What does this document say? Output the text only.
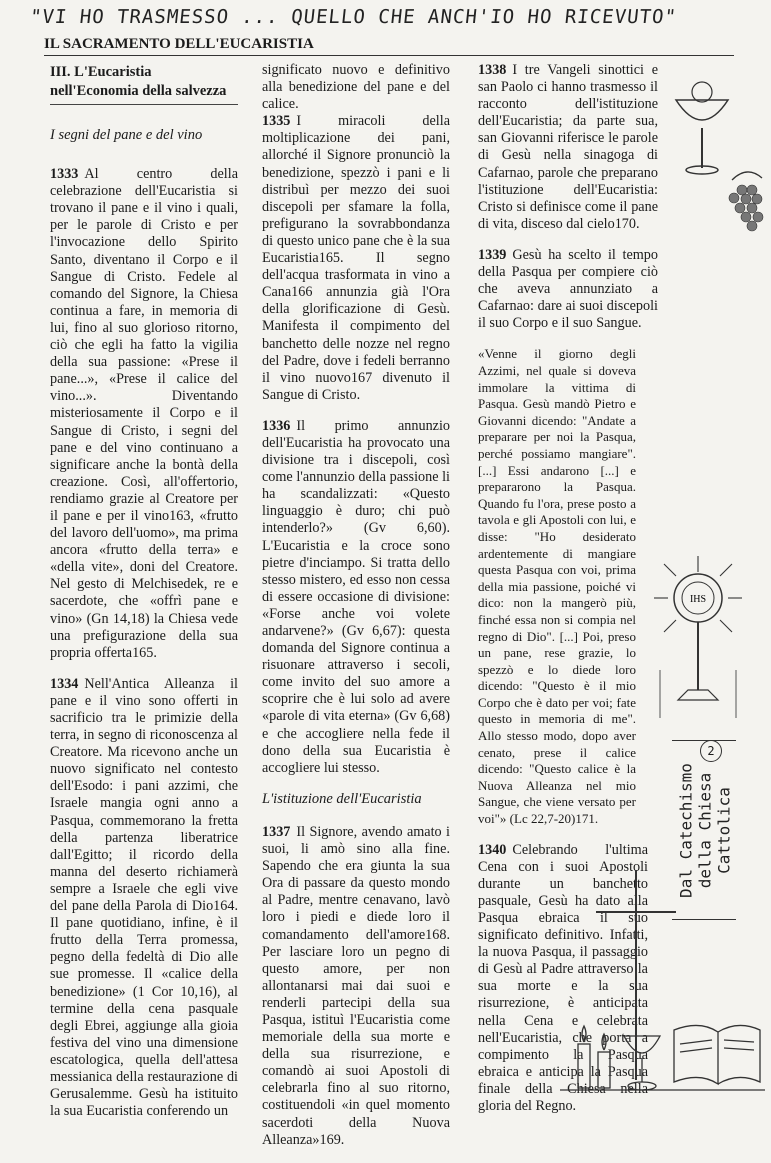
"VI HO TRASMESSO ... QUELLO CHE ANCH'IO HO RICEVUTO"
IL SACRAMENTO DELL'EUCARISTIA
III. L'Eucaristia
nell'Economia della salvezza
I segni del pane e del vino

1333 Al centro della celebrazione dell'Eucaristia si trovano il pane e il vino i quali, per le parole di Cristo e per l'invocazione dello Spirito Santo, diventano il Corpo e il Sangue di Cristo. Fedele al comando del Signore, la Chiesa continua a fare, in memoria di lui, fino al suo glorioso ritorno, ciò che egli ha fatto la vigilia della sua passione: «Prese il pane...», «Prese il calice del vino...». Diventando misteriosamente il Corpo e il Sangue di Cristo, i segni del pane e del vino continuano a significare anche la bontà della creazione. Così, all'offertorio, rendiamo grazie al Creatore per il pane e per il vino163, «frutto del lavoro dell'uomo», ma prima ancora «frutto della terra» e «della vite», doni del Creatore. Nel gesto di Melchisedek, re e sacerdote, che «offrì pane e vino» (Gn 14,18) la Chiesa vede una prefigurazione della sua propria offerta165.

1334 Nell'Antica Alleanza il pane e il vino sono offerti in sacrificio tra le primizie della terra, in segno di riconoscenza al Creatore. Ma ricevono anche un nuovo significato nel contesto dell'Esodo: i pani azzimi, che Israele mangia ogni anno a Pasqua, commemorano la fretta della partenza liberatrice dall'Egitto; il ricordo della manna del deserto richiamerà sempre a Israele che egli vive del pane della Parola di Dio164. Il pane quotidiano, infine, è il frutto della Terra promessa, pegno della fedeltà di Dio alle sue promesse. Il «calice della benedizione» (1 Cor 10,16), al termine della cena pasquale degli Ebrei, aggiunge alla gioia festiva del vino una dimensione escatologica, quella dell'attesa messianica della restaurazione di Gerusalemme. Gesù ha istituito la sua Eucaristia conferendo un

significato nuovo e definitivo alla benedizione del pane e del calice.

1335 I miracoli della moltiplicazione dei pani, allorché il Signore pronunciò la benedizione, spezzò i pani e li distribuì per mezzo dei suoi discepoli per sfamare la folla, prefigurano la sovrabbondanza di questo unico pane che è la sua Eucaristia165. Il segno dell'acqua trasformata in vino a Cana166 annunzia già l'Ora della glorificazione di Gesù. Manifesta il compimento del banchetto delle nozze nel regno del Padre, dove i fedeli berranno il vino nuovo167 divenuto il Sangue di Cristo.

1336 Il primo annunzio dell'Eucaristia ha provocato una divisione tra i discepoli, così come l'annunzio della passione li ha scandalizzati: «Questo linguaggio è duro; chi può intenderlo?» (Gv 6,60). L'Eucaristia e la croce sono pietre d'inciampo. Si tratta dello stesso mistero, ed esso non cessa di essere occasione di divisione: «Forse anche voi volete andarvene?» (Gv 6,67): questa domanda del Signore continua a risuonare attraverso i secoli, come invito del suo amore a scoprire che è lui solo ad avere «parole di vita eterna» (Gv 6,68) e che accogliere nella fede il dono della sua Eucaristia è accogliere lui stesso.

L'istituzione dell'Eucaristia

1337 Il Signore, avendo amato i suoi, li amò sino alla fine. Sapendo che era giunta la sua Ora di passare da questo mondo al Padre, mentre cenavano, lavò loro i piedi e diede loro il comandamento dell'amore168. Per lasciare loro un pegno di questo amore, per non allontanarsi mai dai suoi e renderli partecipi della sua Pasqua, istituì l'Eucaristia come memoriale della sua morte e della sua risurrezione, e comandò ai suoi Apostoli di celebrarla fino al suo ritorno, costituendoli «in quel momento sacerdoti della Nuova Alleanza»169.

1338 I tre Vangeli sinottici e san Paolo ci hanno trasmesso il racconto dell'istituzione dell'Eucaristia; da parte sua, san Giovanni riferisce le parole di Gesù nella sinagoga di Cafarnao, parole che preparano l'istituzione dell'Eucaristia: Cristo si definisce come il pane di vita, disceso dal cielo170.

1339 Gesù ha scelto il tempo della Pasqua per compiere ciò che aveva annunziato a Cafarnao: dare ai suoi discepoli il suo Corpo e il suo Sangue.

«Venne il giorno degli Azzimi, nel quale si doveva immolare la vittima di Pasqua. Gesù mandò Pietro e Giovanni dicendo: "Andate a preparare per noi la Pasqua, perché possiamo mangiare". [...] Essi andarono [...] e prepararono la Pasqua. Quando fu l'ora, prese posto a tavola e gli Apostoli con lui, e disse: "Ho desiderato ardentemente di mangiare questa Pasqua con voi, prima della mia passione, poiché vi dico: non la mangerò più, finché essa non si compia nel regno di Dio". [...] Poi, preso un pane, rese grazie, lo spezzò e lo diede loro dicendo: "Questo è il mio Corpo che è dato per voi; fate questo in memoria di me". Allo stesso modo, dopo aver cenato, prese il calice dicendo: "Questo calice è la Nuova Alleanza nel mio Sangue, che viene versato per voi"» (Lc 22,7-20)171.

1340 Celebrando l'ultima Cena con i suoi Apostoli durante un banchetto pasquale, Gesù ha dato alla Pasqua ebraica il suo significato definitivo. Infatti, la nuova Pasqua, il passaggio di Gesù al Padre attraverso la sua morte e la sua risurrezione, è anticipata nella Cena e celebrata nell'Eucaristia, che porta a compimento la Pasqua ebraica e anticipa la Pasqua finale della Chiesa nella gloria del Regno.

IHS
Dal Catechismo
della Chiesa
Cattolica
2
